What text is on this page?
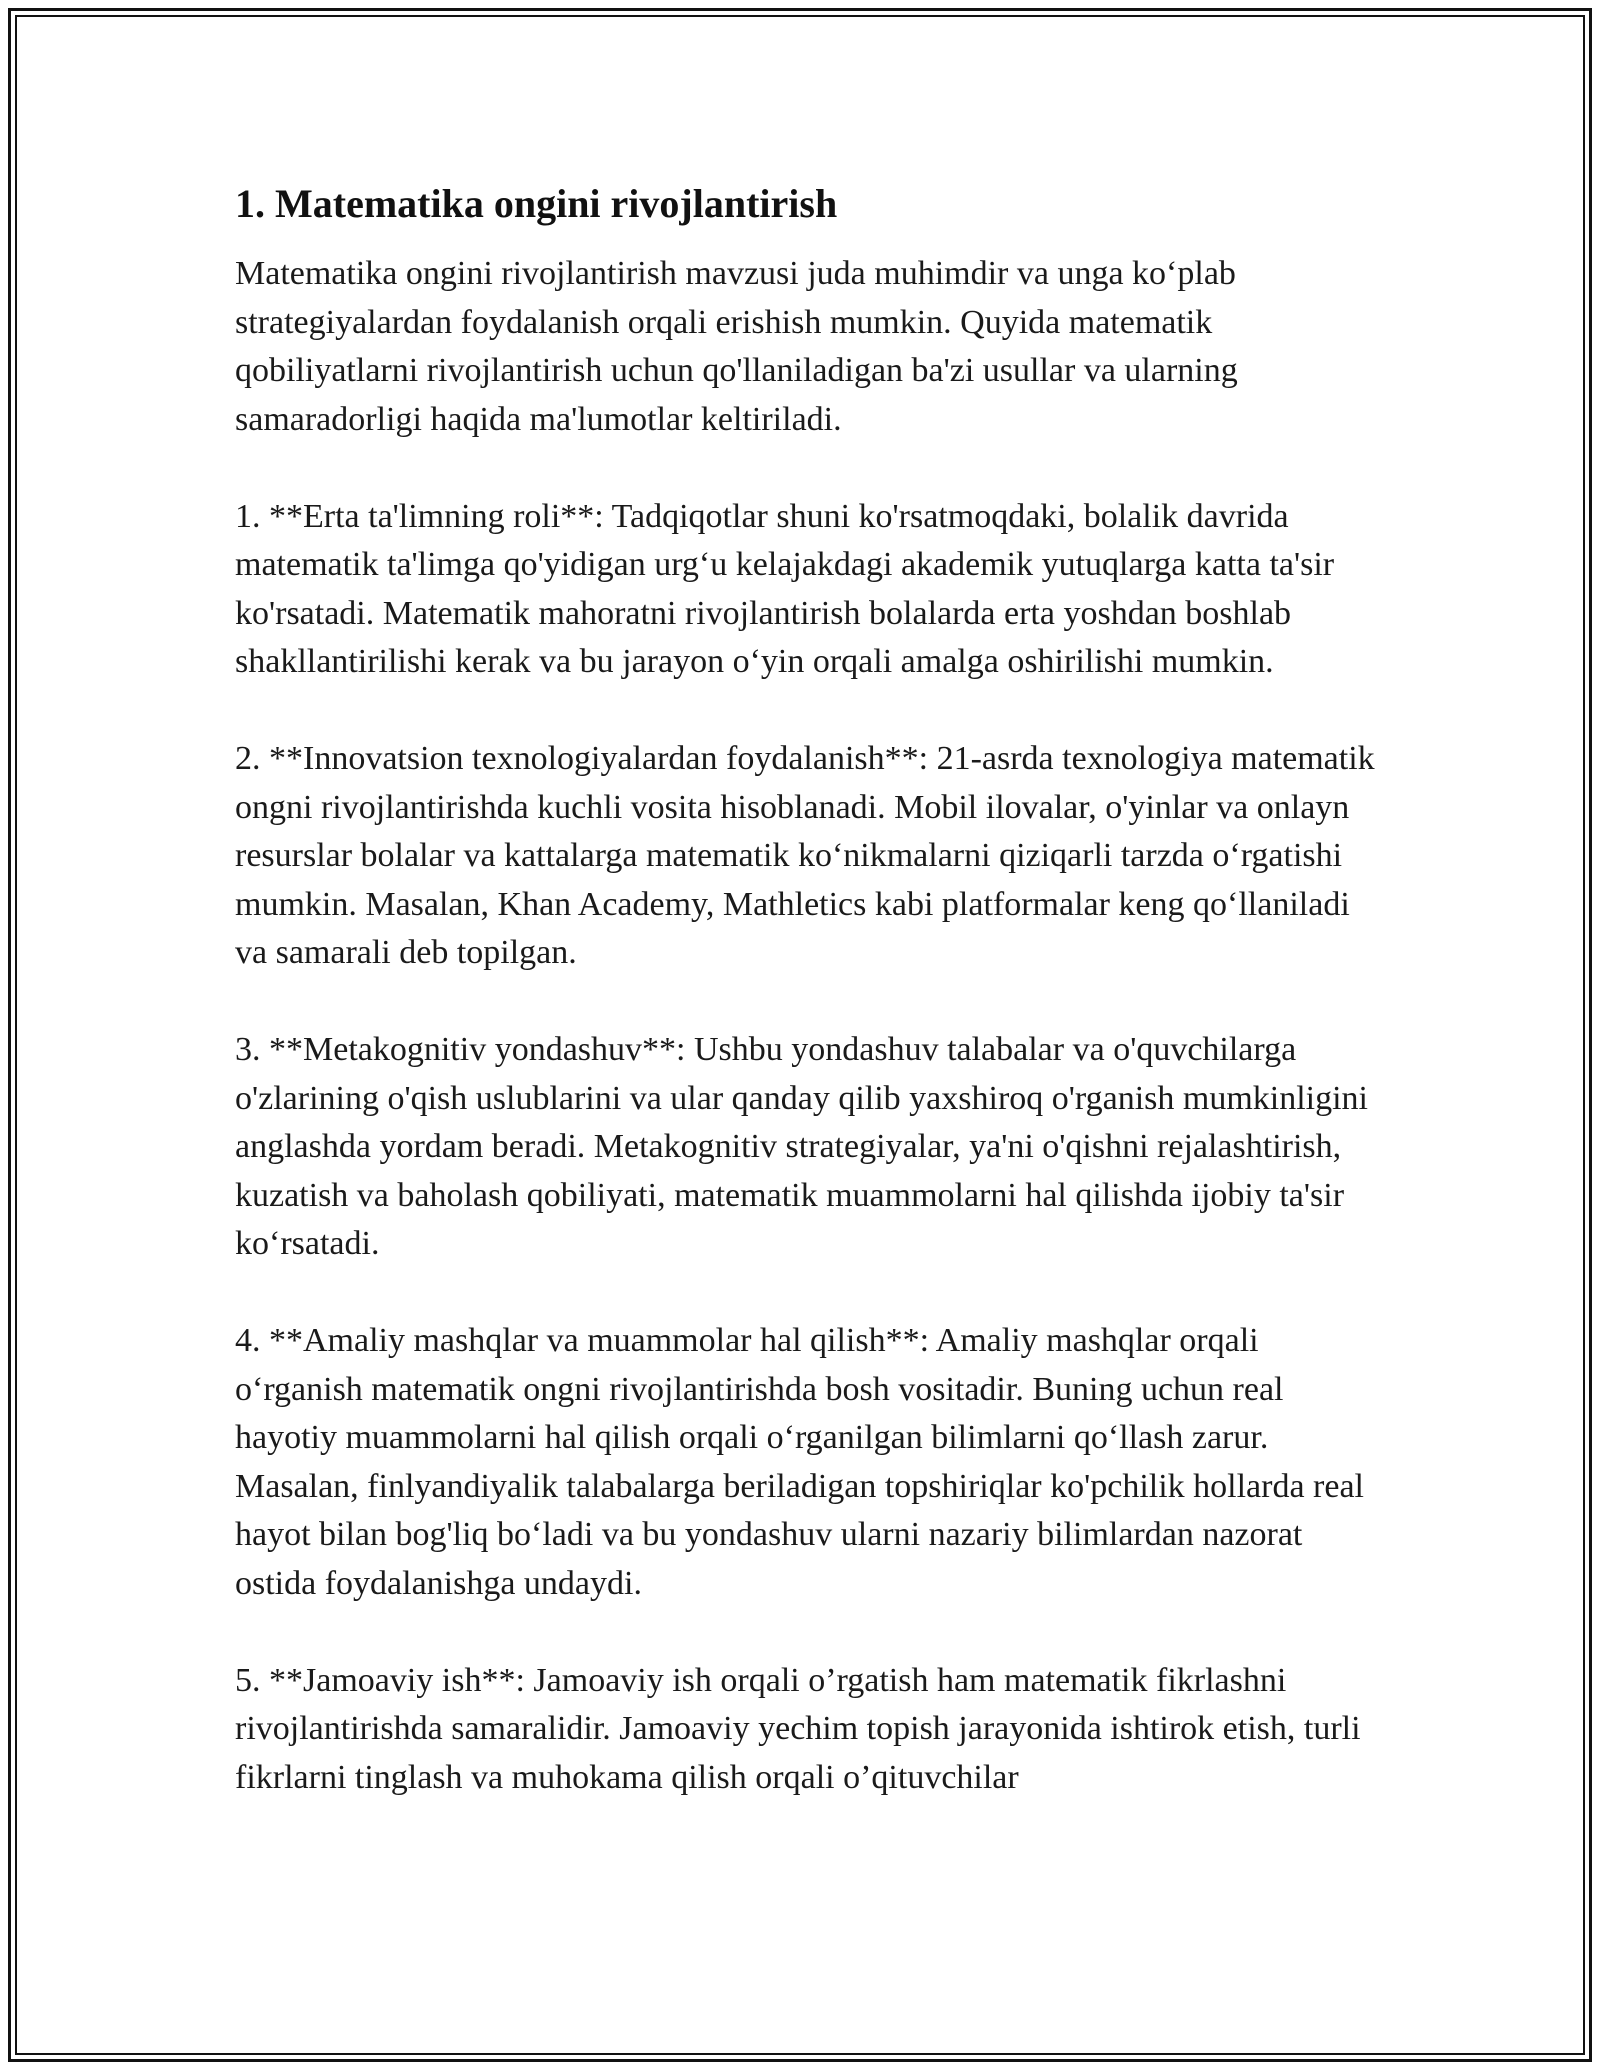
1. Matematika ongini rivojlantirish

Matematika ongini rivojlantirish mavzusi juda muhimdir va unga ko‘plab strategiyalardan foydalanish orqali erishish mumkin. Quyida matematik qobiliyatlarni rivojlantirish uchun qo'llaniladigan ba'zi usullar va ularning samaradorligi haqida ma'lumotlar keltiriladi.

1. **Erta ta'limning roli**: Tadqiqotlar shuni ko'rsatmoqdaki, bolalik davrida matematik ta'limga qo'yidigan urg‘u kelajakdagi akademik yutuqlarga katta ta'sir ko'rsatadi. Matematik mahoratni rivojlantirish bolalarda erta yoshdan boshlab shakllantirilishi kerak va bu jarayon o‘yin orqali amalga oshirilishi mumkin.

2. **Innovatsion texnologiyalardan foydalanish**: 21-asrda texnologiya matematik ongni rivojlantirishda kuchli vosita hisoblanadi. Mobil ilovalar, o'yinlar va onlayn resurslar bolalar va kattalarga matematik ko‘nikmalarni qiziqarli tarzda o‘rgatishi mumkin. Masalan, Khan Academy, Mathletics kabi platformalar keng qo‘llaniladi va samarali deb topilgan.

3. **Metakognitiv yondashuv**: Ushbu yondashuv talabalar va o'quvchilarga o'zlarining o'qish uslublarini va ular qanday qilib yaxshiroq o'rganish mumkinligini anglashda yordam beradi. Metakognitiv strategiyalar, ya'ni o'qishni rejalashtirish, kuzatish va baholash qobiliyati, matematik muammolarni hal qilishda ijobiy ta'sir ko‘rsatadi.

4. **Amaliy mashqlar va muammolar hal qilish**: Amaliy mashqlar orqali o‘rganish matematik ongni rivojlantirishda bosh vositadir. Buning uchun real hayotiy muammolarni hal qilish orqali o‘rganilgan bilimlarni qo‘llash zarur. Masalan, finlyandiyalik talabalarga beriladigan topshiriqlar ko'pchilik hollarda real hayot bilan bog'liq bo‘ladi va bu yondashuv ularni nazariy bilimlardan nazorat ostida foydalanishga undaydi.

5. **Jamoaviy ish**: Jamoaviy ish orqali o’rgatish ham matematik fikrlashni rivojlantirishda samaralidir. Jamoaviy yechim topish jarayonida ishtirok etish, turli fikrlarni tinglash va muhokama qilish orqali o’qituvchilar
